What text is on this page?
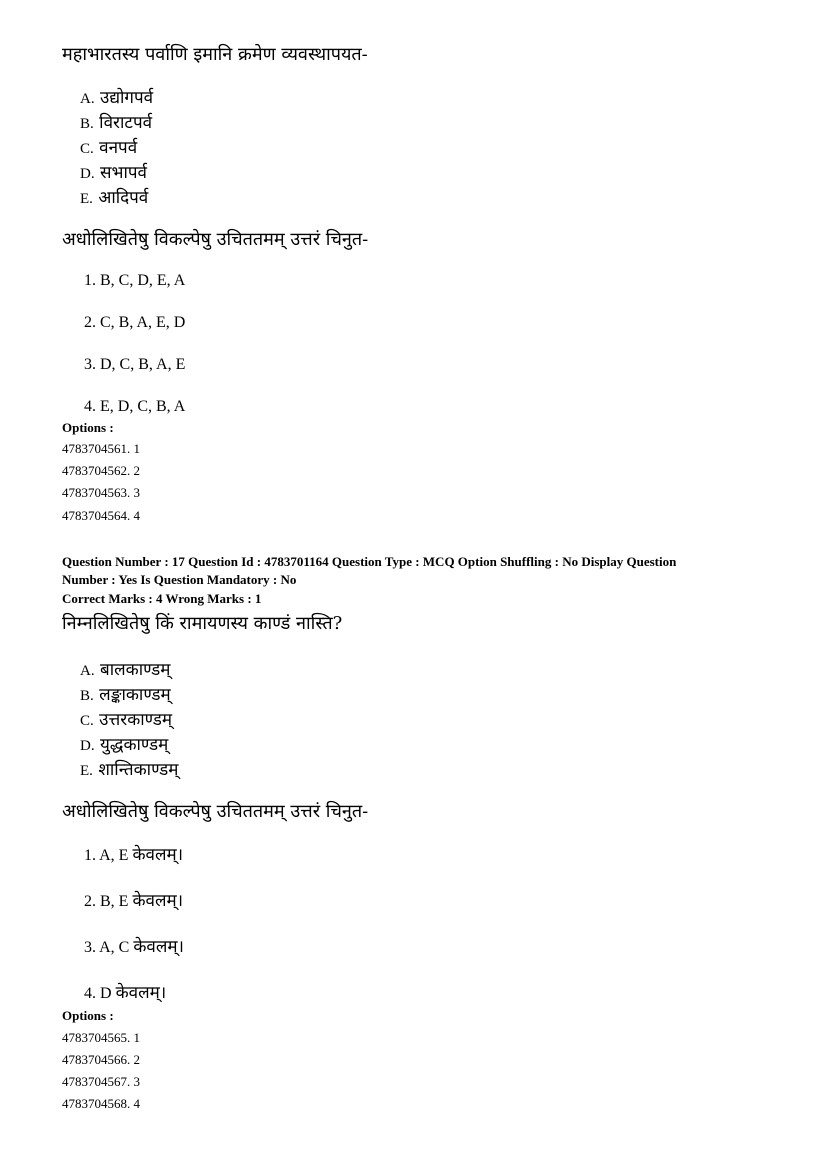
महाभारतस्य पर्वाणि इमानि क्रमेण व्यवस्थापयत-
A. उद्योगपर्व
B. विराटपर्व
C. वनपर्व
D. सभापर्व
E. आदिपर्व
अधोलिखितेषु विकल्पेषु उचिततमम् उत्तरं चिनुत-
1. B, C, D, E, A
2. C, B, A, E, D
3. D, C, B, A, E
4. E, D, C, B, A
Options :
4783704561. 1
4783704562. 2
4783704563. 3
4783704564. 4
Question Number : 17 Question Id : 4783701164 Question Type : MCQ Option Shuffling : No Display Question
Number : Yes Is Question Mandatory : No
Correct Marks : 4 Wrong Marks : 1
निम्नलिखितेषु किं रामायणस्य काण्डं नास्ति?
A. बालकाण्डम्
B. लङ्काकाण्डम्
C. उत्तरकाण्डम्
D. युद्धकाण्डम्
E. शान्तिकाण्डम्
अधोलिखितेषु विकल्पेषु उचिततमम् उत्तरं चिनुत-
1. A, E केवलम्।
2. B, E केवलम्।
3. A, C केवलम्।
4. D केवलम्।
Options :
4783704565. 1
4783704566. 2
4783704567. 3
4783704568. 4
